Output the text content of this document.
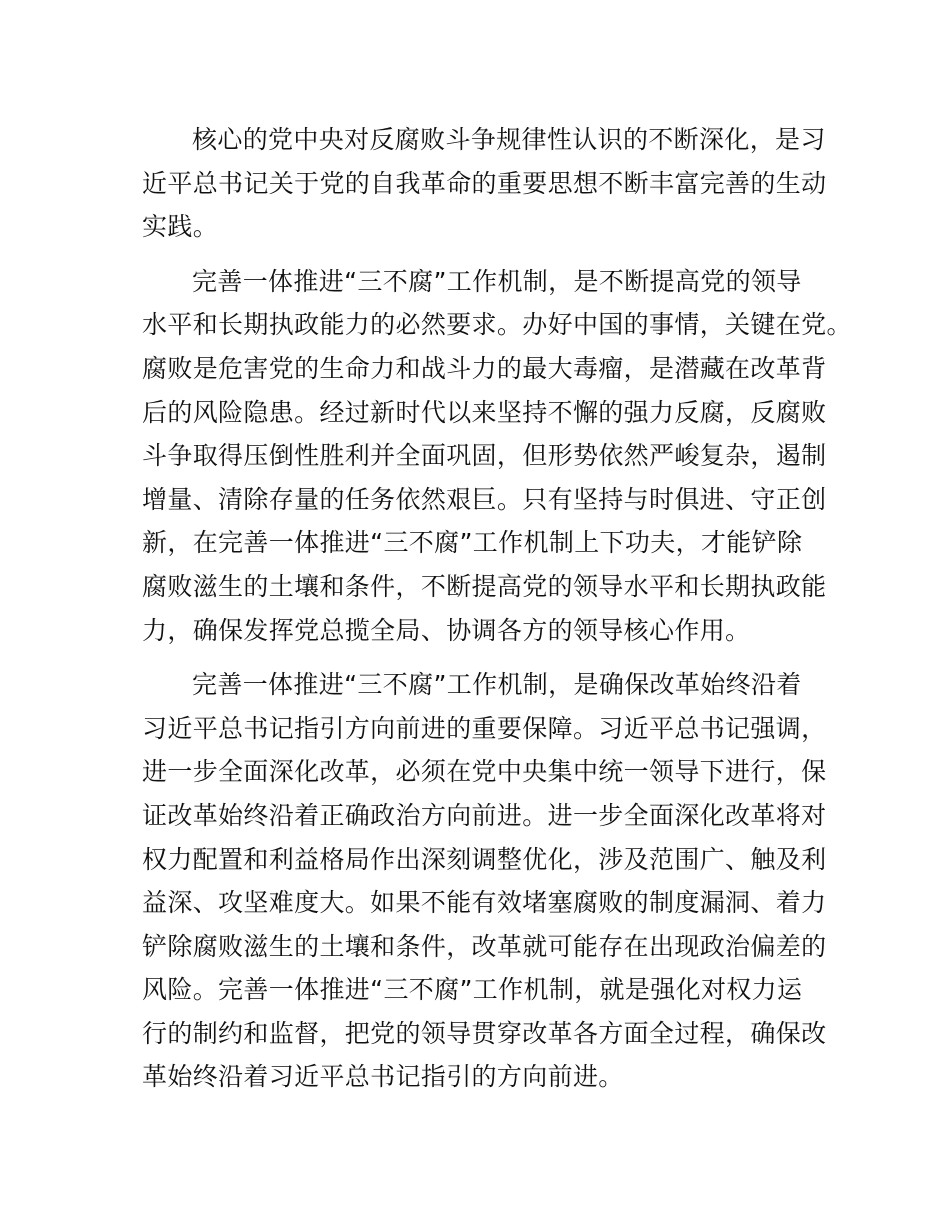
核心的党中央对反腐败斗争规律性认识的不断深化，是习
近平总书记关于党的自我革命的重要思想不断丰富完善的生动
实践。

完善一体推进“三不腐”工作机制，是不断提高党的领导
水平和长期执政能力的必然要求。办好中国的事情，关键在党。
腐败是危害党的生命力和战斗力的最大毒瘤，是潜藏在改革背
后的风险隐患。经过新时代以来坚持不懈的强力反腐，反腐败
斗争取得压倒性胜利并全面巩固，但形势依然严峻复杂，遏制
增量、清除存量的任务依然艰巨。只有坚持与时俱进、守正创
新，在完善一体推进“三不腐”工作机制上下功夫，才能铲除
腐败滋生的土壤和条件，不断提高党的领导水平和长期执政能
力，确保发挥党总揽全局、协调各方的领导核心作用。

完善一体推进“三不腐”工作机制，是确保改革始终沿着
习近平总书记指引方向前进的重要保障。习近平总书记强调，
进一步全面深化改革，必须在党中央集中统一领导下进行，保
证改革始终沿着正确政治方向前进。进一步全面深化改革将对
权力配置和利益格局作出深刻调整优化，涉及范围广、触及利
益深、攻坚难度大。如果不能有效堵塞腐败的制度漏洞、着力
铲除腐败滋生的土壤和条件，改革就可能存在出现政治偏差的
风险。完善一体推进“三不腐”工作机制，就是强化对权力运
行的制约和监督，把党的领导贯穿改革各方面全过程，确保改
革始终沿着习近平总书记指引的方向前进。
